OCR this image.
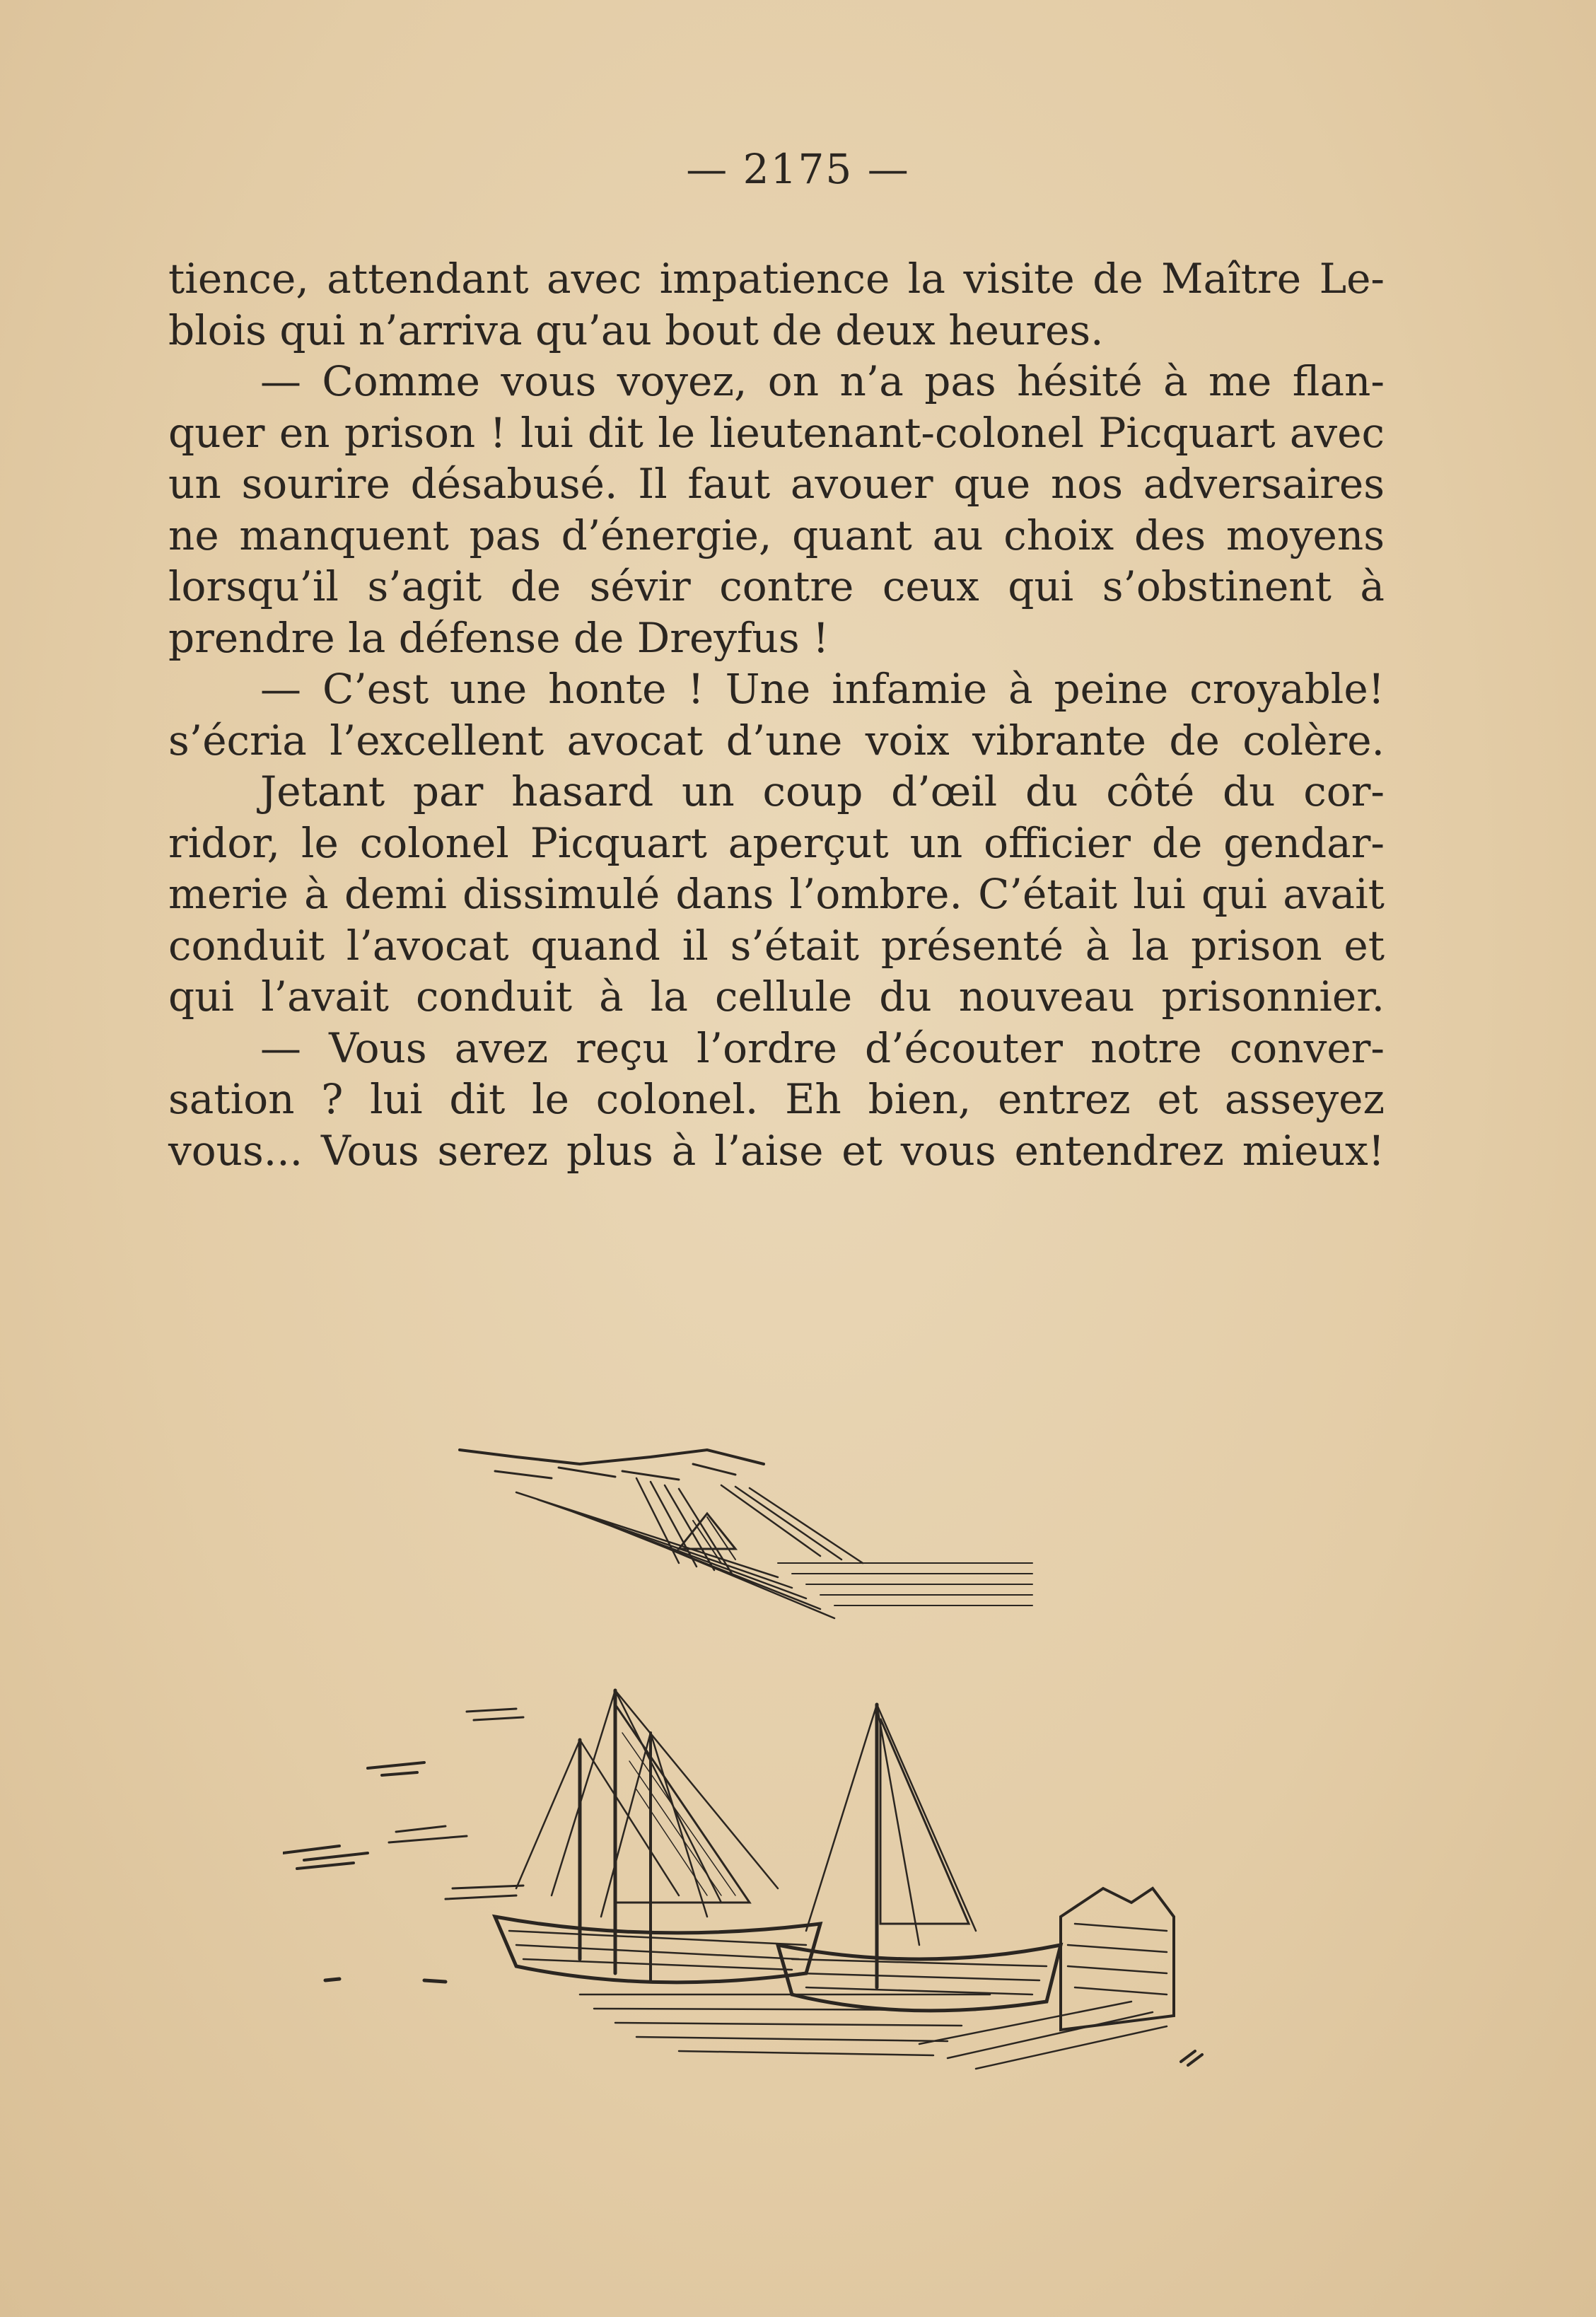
— 2175 —
tience, attendant avec impatience la visite de Maître Le-
blois qui n’arriva qu’au bout de deux heures.
— Comme vous voyez, on n’a pas hésité à me flan-
quer en prison ! lui dit le lieutenant-colonel Picquart avec
un sourire désabusé. Il faut avouer que nos adversaires
ne manquent pas d’énergie, quant au choix des moyens
lorsqu’il s’agit de sévir contre ceux qui s’obstinent à
prendre la défense de Dreyfus !
— C’est une honte ! Une infamie à peine croyable!
s’écria l’excellent avocat d’une voix vibrante de colère.
Jetant par hasard un coup d’œil du côté du cor-
ridor, le colonel Picquart aperçut un officier de gendar-
merie à demi dissimulé dans l’ombre. C’était lui qui avait
conduit l’avocat quand il s’était présenté à la prison et
qui l’avait conduit à la cellule du nouveau prisonnier.
— Vous avez reçu l’ordre d’écouter notre conver-
sation ? lui dit le colonel. Eh bien, entrez et asseyez
vous... Vous serez plus à l’aise et vous entendrez mieux!
